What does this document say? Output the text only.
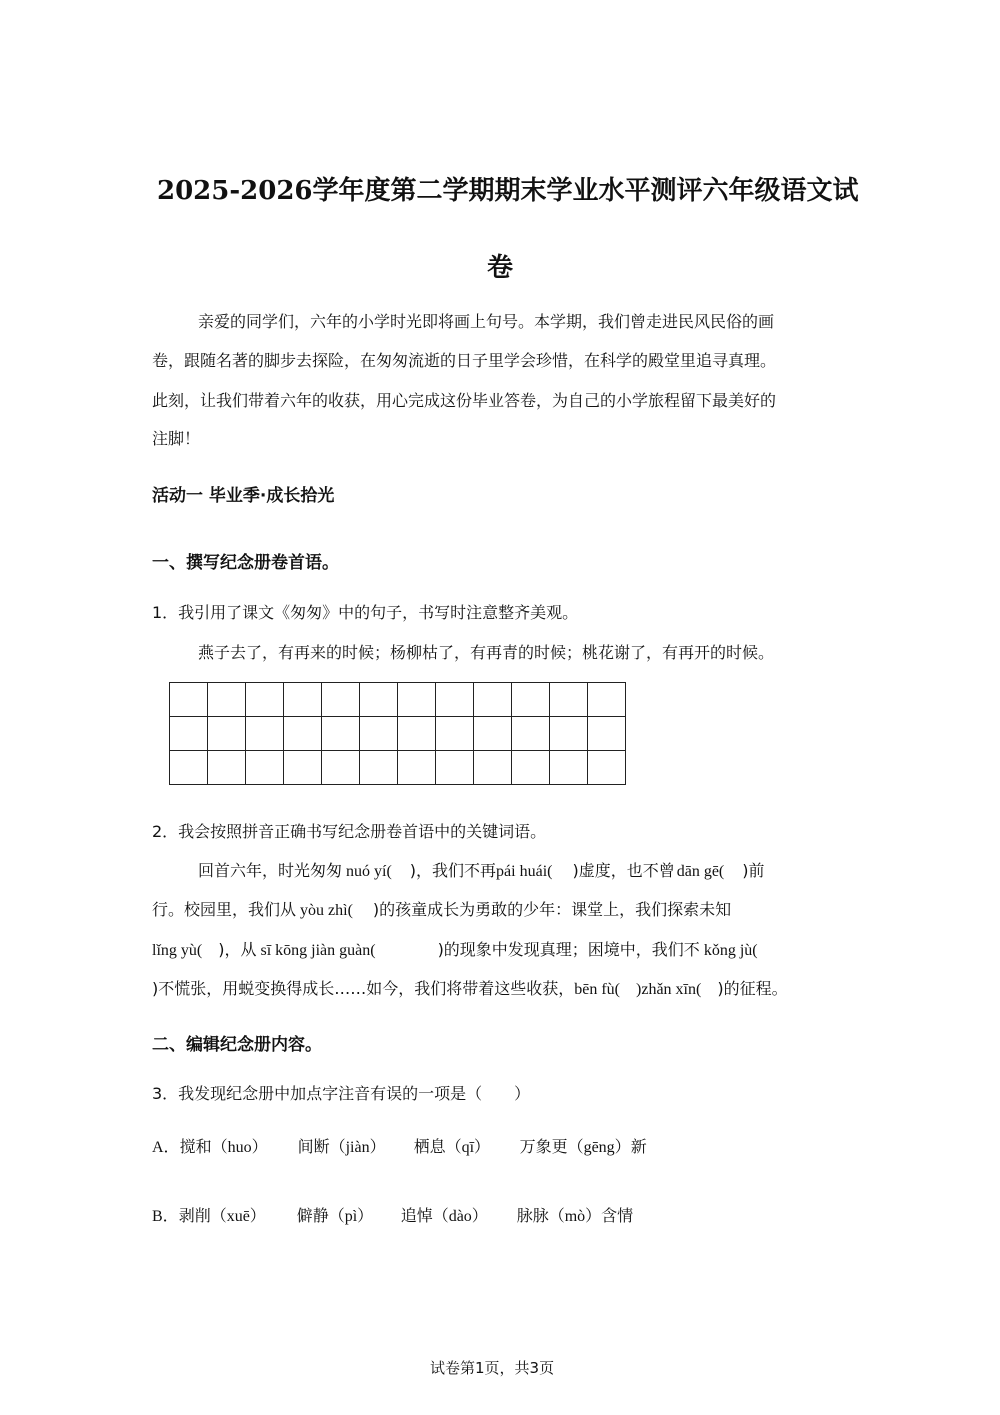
2025-2026学年度第二学期期末学业水平测评六年级语文试
卷
亲爱的同学们，六年的小学时光即将画上句号。本学期，我们曾走进民风民俗的画
卷，跟随名著的脚步去探险，在匆匆流逝的日子里学会珍惜，在科学的殿堂里追寻真理。
此刻，让我们带着六年的收获，用心完成这份毕业答卷，为自己的小学旅程留下最美好的
注脚！
活动一 毕业季·成长拾光
一、撰写纪念册卷首语。
1．我引用了课文《匆匆》中的句子，书写时注意整齐美观。
燕子去了，有再来的时候；杨柳枯了，有再青的时候；桃花谢了，有再开的时候。

2．我会按照拼音正确书写纪念册卷首语中的关键词语。
回首六年，时光匆匆 nuó yí( )，我们不再pái huái( )虚度，也不曾 dān gē( )前
行。校园里，我们从 yòu zhì( )的孩童成长为勇敢的少年：课堂上，我们探索未知
lǐng yù( )，从 sī kōng jiàn guàn(	)的现象中发现真理；困境中，我们不 kǒng jù(
)不慌张，用蜕变换得成长……如今，我们将带着这些收获，bēn fù( )zhǎn xīn( )的征程。
二、编辑纪念册内容。
3．我发现纪念册中加点字注音有误的一项是（　　）
A．搅和（huo） 间断（jiàn） 栖息（qī） 万象更（gēng）新
B．剥削（xuē） 僻静（pì） 追悼（dào） 脉脉（mò）含情
试卷第1页，共3页
